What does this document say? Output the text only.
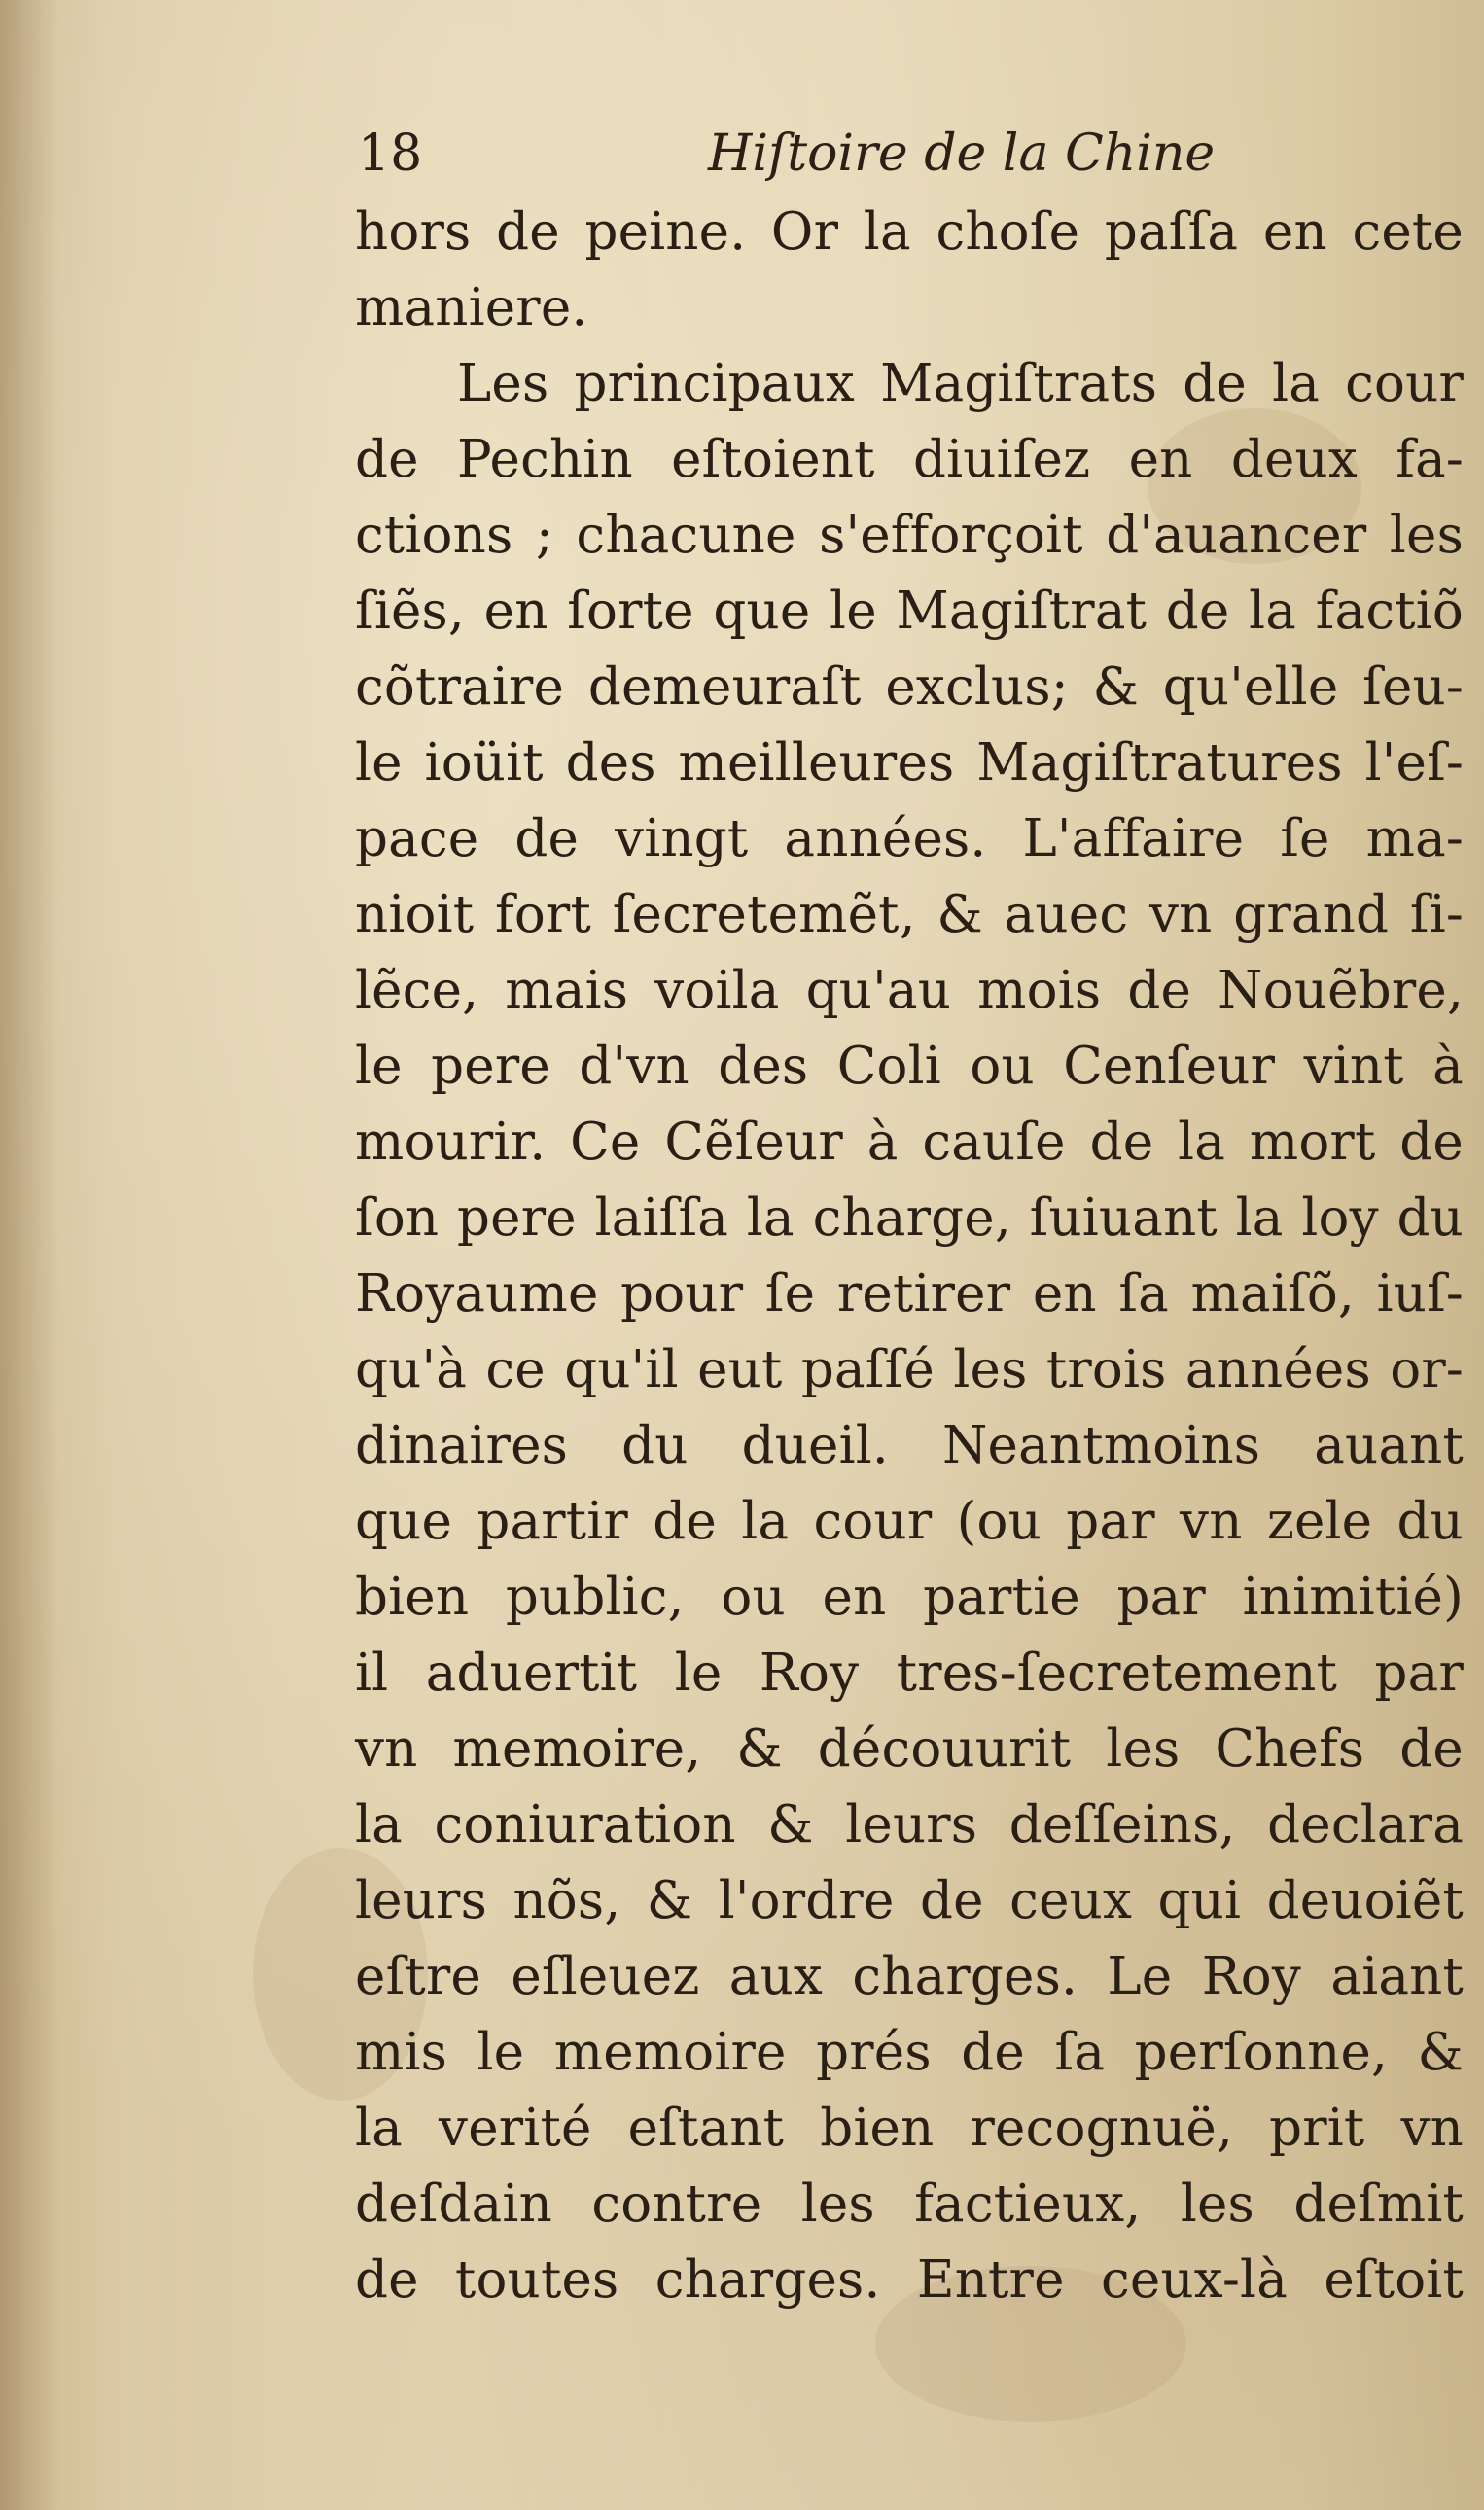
18	Hiſtoire de la Chine
hors de peine. Or la choſe paſſa en cete
maniere.
Les principaux Magiſtrats de la cour
de Pechin eſtoient diuiſez en deux fa-
ctions ; chacune s'efforçoit d'auancer les
ſiẽs, en ſorte que le Magiſtrat de la factiõ
cõtraire demeuraſt exclus; & qu'elle ſeu-
le ioüit des meilleures Magiſtratures l'eſ-
pace de vingt années. L'affaire ſe ma-
nioit fort ſecretemẽt, & auec vn grand ſi-
lẽce, mais voila qu'au mois de Nouẽbre,
le pere d'vn des Coli ou Cenſeur vint à
mourir. Ce Cẽſeur à cauſe de la mort de
ſon pere laiſſa la charge, ſuiuant la loy du
Royaume pour ſe retirer en ſa maiſõ, iuſ-
qu'à ce qu'il eut paſſé les trois années or-
dinaires du dueil. Neantmoins auant
que partir de la cour (ou par vn zele du
bien public, ou en partie par inimitié)
il aduertit le Roy tres-ſecretement par
vn memoire, & découurit les Chefs de
la coniuration & leurs deſſeins, declara
leurs nõs, & l'ordre de ceux qui deuoiẽt
eſtre eſleuez aux charges. Le Roy aiant
mis le memoire prés de ſa perſonne, &
la verité eſtant bien recognuë, prit vn
deſdain contre les factieux, les deſmit
de toutes charges. Entre ceux-là eſtoit
